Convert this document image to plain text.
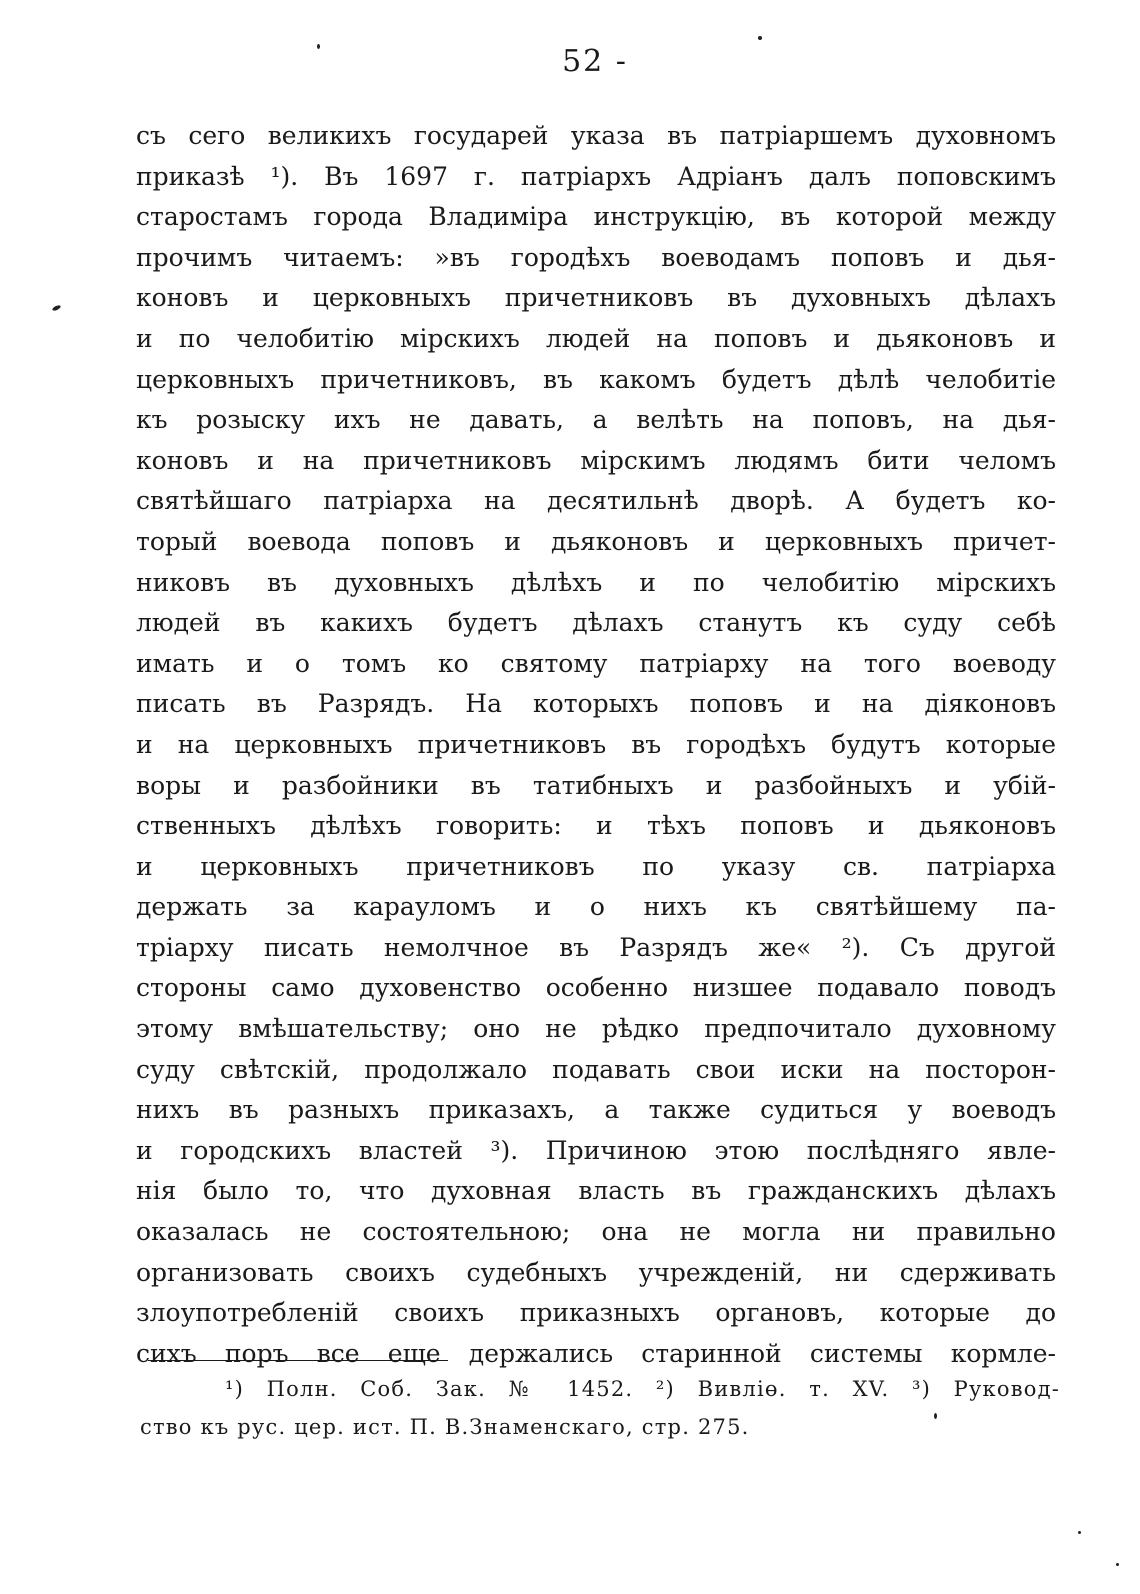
52 -
съ сего великихъ государей указа въ патріаршемъ духовномъ
приказѣ ¹). Въ 1697 г. патріархъ Адріанъ далъ поповскимъ
старостамъ города Владиміра инструкцію, въ которой между
прочимъ читаемъ: »въ городѣхъ воеводамъ поповъ и дья-
коновъ и церковныхъ причетниковъ въ духовныхъ дѣлахъ
и по челобитію мірскихъ людей на поповъ и дьяконовъ и
церковныхъ причетниковъ, въ какомъ будетъ дѣлѣ челобитіе
къ розыску ихъ не давать, а велѣть на поповъ, на дья-
коновъ и на причетниковъ мірскимъ людямъ бити челомъ
святѣйшаго патріарха на десятильнѣ дворѣ. А будетъ ко-
торый воевода поповъ и дьяконовъ и церковныхъ причет-
никовъ въ духовныхъ дѣлѣхъ и по челобитію мірскихъ
людей въ какихъ будетъ дѣлахъ станутъ къ суду себѣ
имать и о томъ ко святому патріарху на того воеводу
писать въ Разрядъ. На которыхъ поповъ и на діяконовъ
и на церковныхъ причетниковъ въ городѣхъ будутъ которые
воры и разбойники въ татибныхъ и разбойныхъ и убій-
ственныхъ дѣлѣхъ говорить: и тѣхъ поповъ и дьяконовъ
и церковныхъ причетниковъ по указу св. патріарха
держать за карауломъ и о нихъ къ святѣйшему па-
тріарху писать немолчное въ Разрядъ же« ²). Съ другой
стороны само духовенство особенно низшее подавало поводъ
этому вмѣшательству; оно не рѣдко предпочитало духовному
суду свѣтскій, продолжало подавать свои иски на посторон-
нихъ въ разныхъ приказахъ, а также судиться у воеводъ
и городскихъ властей ³). Причиною этою послѣдняго явле-
нія было то, что духовная власть въ гражданскихъ дѣлахъ
оказалась не состоятельною; она не могла ни правильно
организовать своихъ судебныхъ учрежденій, ни сдерживать
злоупотребленій своихъ приказныхъ органовъ, которые до
сихъ поръ все еще держались старинной системы кормле-
¹) Полн. Соб. Зак. № 1452. ²) Вивліө. т. XV. ³) Руковод-
ство къ рус. цер. ист. П. В.Знаменскаго, стр. 275.
